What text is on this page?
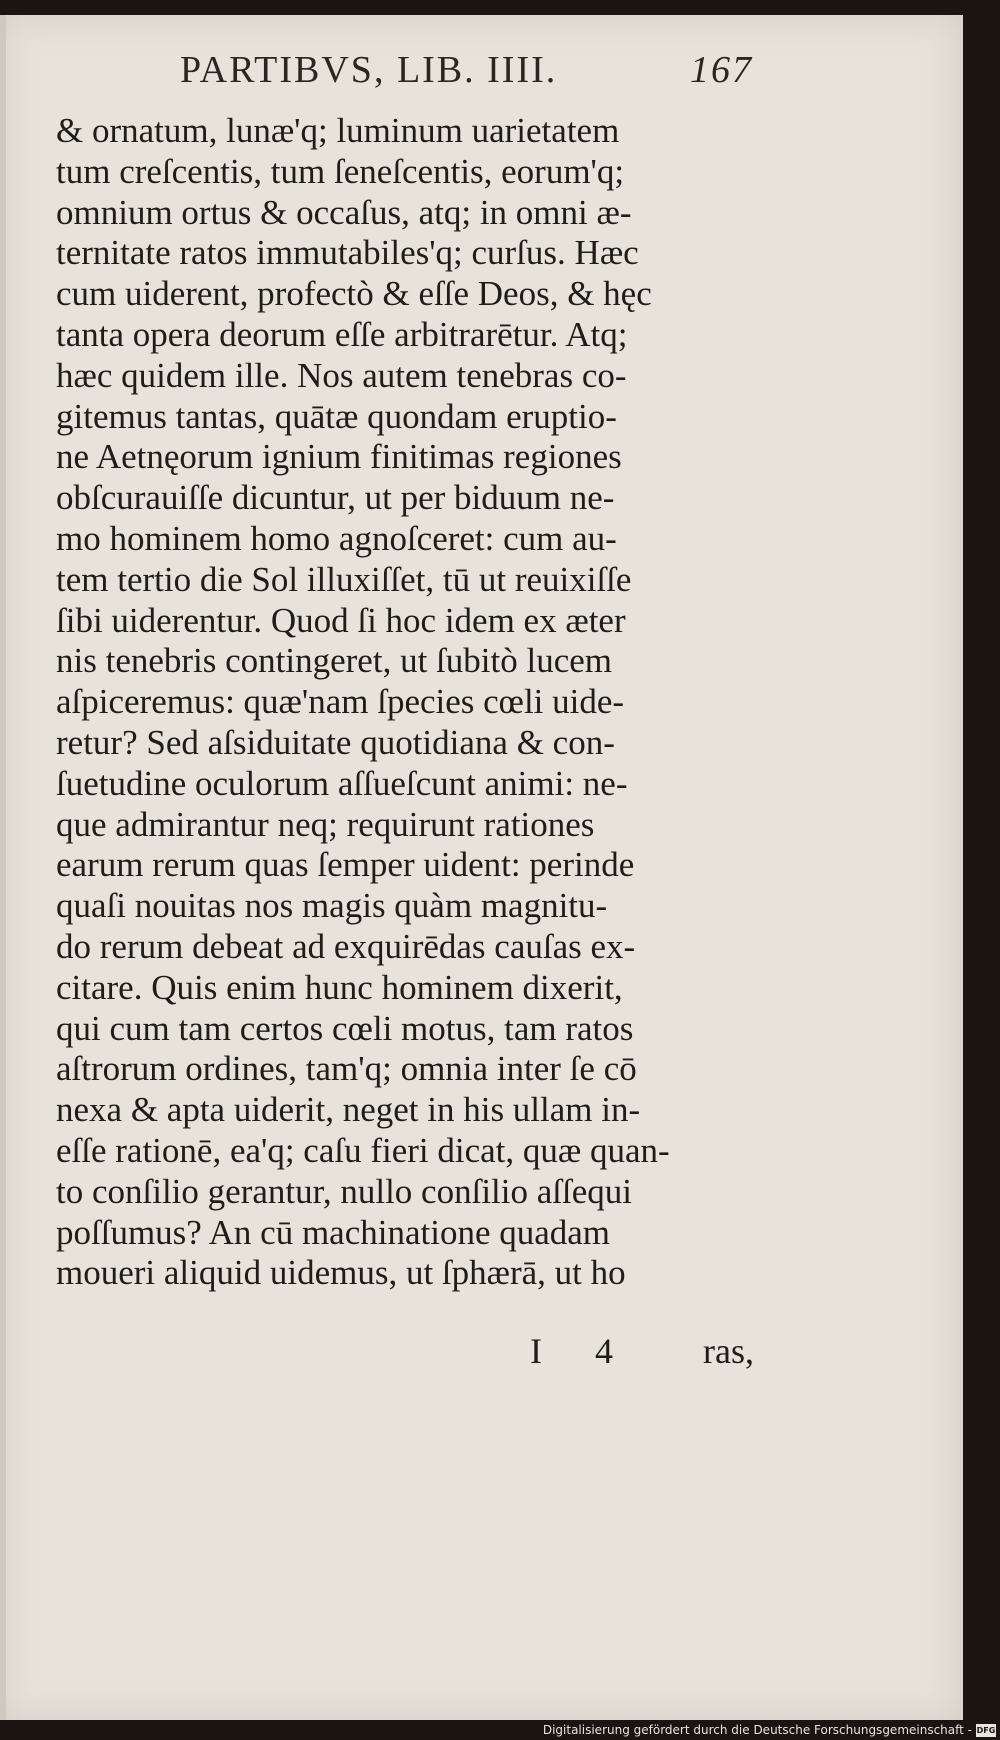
PARTIBVS, LIB. IIII.	167
& ornatum, lunæ'q; luminum uarietatem
tum creſcentis, tum ſeneſcentis, eorum'q;
omnium ortus & occaſus, atq; in omni æ-
ternitate ratos immutabiles'q; curſus. Hæc
cum uiderent, profectò & eſſe Deos, & hęc
tanta opera deorum eſſe arbitrarētur. Atq;
hæc quidem ille. Nos autem tenebras co-
gitemus tantas, quātæ quondam eruptio-
ne Aetnęorum ignium finitimas regiones
obſcurauiſſe dicuntur, ut per biduum ne-
mo hominem homo agnoſceret: cum au-
tem tertio die Sol illuxiſſet, tū ut reuixiſſe
ſibi uiderentur. Quod ſi hoc idem ex æter
nis tenebris contingeret, ut ſubitò lucem
aſpiceremus: quæ'nam ſpecies cœli uide-
retur? Sed aſsiduitate quotidiana & con-
ſuetudine oculorum aſſueſcunt animi: ne-
que admirantur neq; requirunt rationes
earum rerum quas ſemper uident: perinde
quaſi nouitas nos magis quàm magnitu-
do rerum debeat ad exquirēdas cauſas ex-
citare. Quis enim hunc hominem dixerit,
qui cum tam certos cœli motus, tam ratos
aſtrorum ordines, tam'q; omnia inter ſe cō
nexa & apta uiderit, neget in his ullam in-
eſſe rationē, ea'q; caſu fieri dicat, quæ quan-
to conſilio gerantur, nullo conſilio aſſequi
poſſumus? An cū machinatione quadam
moueri aliquid uidemus, ut ſphærā, ut ho
I 4 ras,
Digitalisierung gefördert durch die Deutsche Forschungsgemeinschaft - DFG
